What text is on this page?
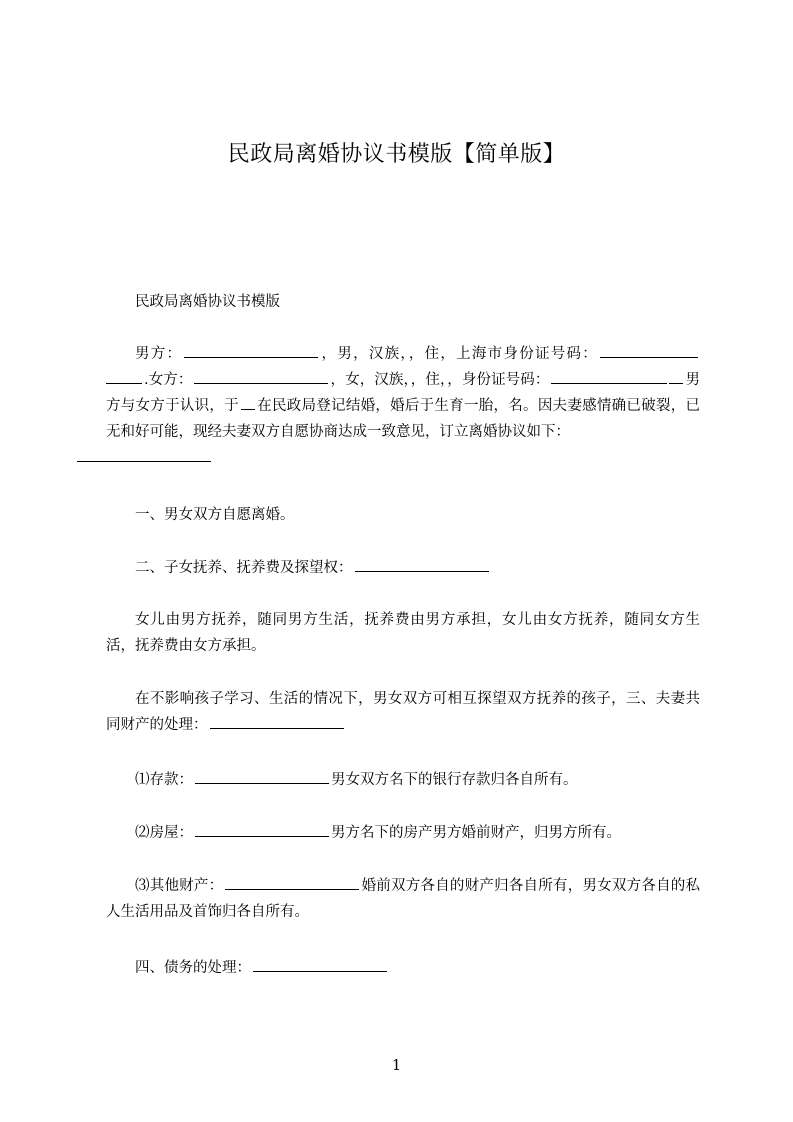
民政局离婚协议书模版【简单版】
民政局离婚协议书模版
男方：	，男，汉族，，住，上海市身份证号码：.女方：	，女，汉族，，住，，身份证号码：	男方与女方于认识，于 在民政局登记结婚，婚后于生育一胎，名。因夫妻感情确已破裂，已无和好可能，现经夫妻双方自愿协商达成一致意见，订立离婚协议如下：

一、男女双方自愿离婚。
二、子女抚养、抚养费及探望权：
女儿由男方抚养，随同男方生活，抚养费由男方承担，女儿由女方抚养，随同女方生活，抚养费由女方承担。
在不影响孩子学习、生活的情况下，男女双方可相互探望双方抚养的孩子，三、夫妻共同财产的处理：
⑴存款：	男女双方名下的银行存款归各自所有。
⑵房屋：	男方名下的房产男方婚前财产，归男方所有。
⑶其他财产：	婚前双方各自的财产归各自所有，男女双方各自的私人生活用品及首饰归各自所有。
四、债务的处理：
1
